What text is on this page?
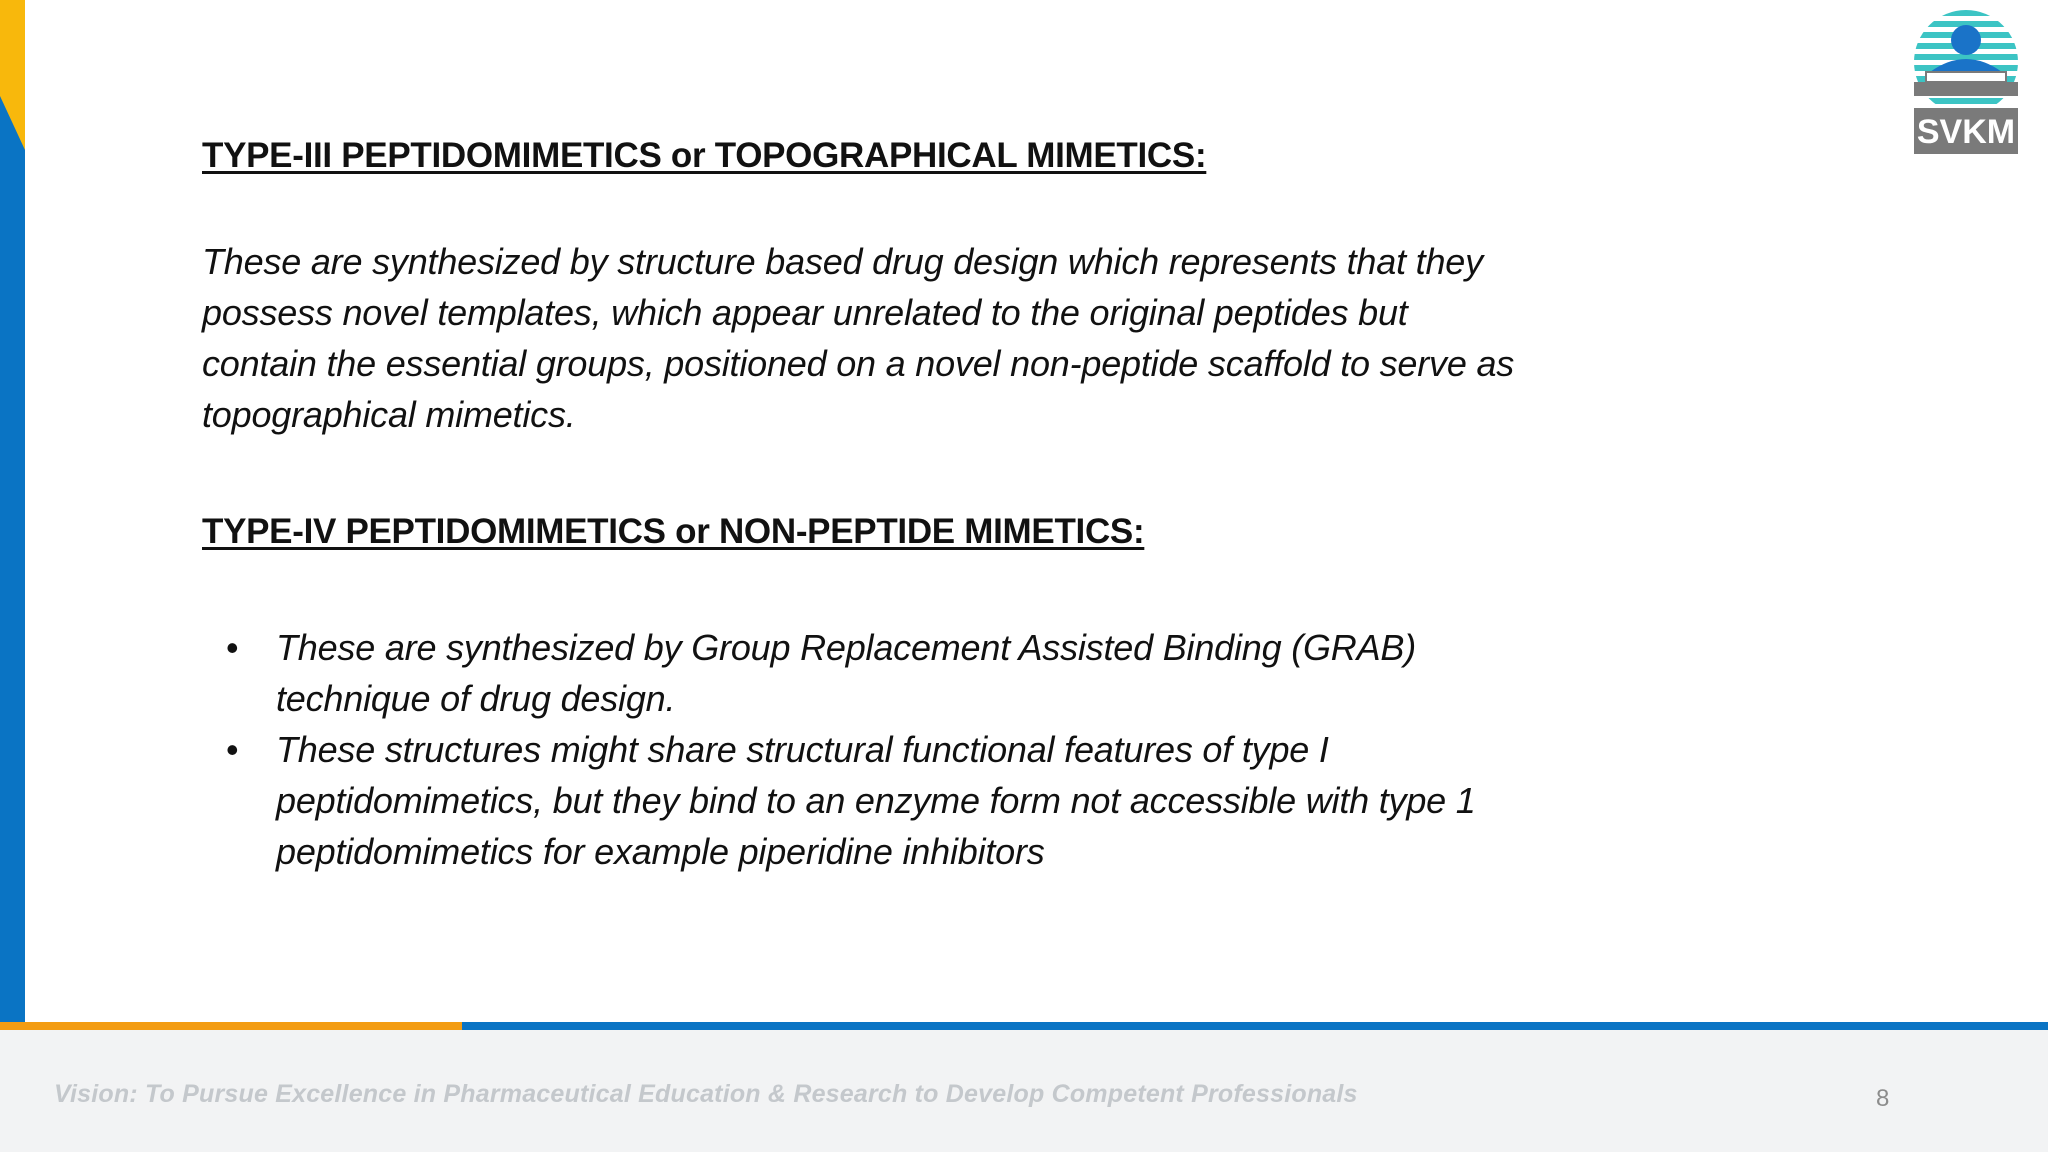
SVKM
TYPE-III PEPTIDOMIMETICS or TOPOGRAPHICAL MIMETICS:

These are synthesized by structure based drug design which represents that they
possess novel templates, which appear unrelated to the original peptides but
contain the essential groups, positioned on a novel non-peptide scaffold to serve as
topographical mimetics.

TYPE-IV PEPTIDOMIMETICS or NON-PEPTIDE MIMETICS:
• These are synthesized by Group Replacement Assisted Binding (GRAB)
technique of drug design.
• These structures might share structural functional features of type I
peptidomimetics, but they bind to an enzyme form not accessible with type 1
peptidomimetics for example piperidine inhibitors
Vision: To Pursue Excellence in Pharmaceutical Education & Research to Develop Competent Professionals	8
